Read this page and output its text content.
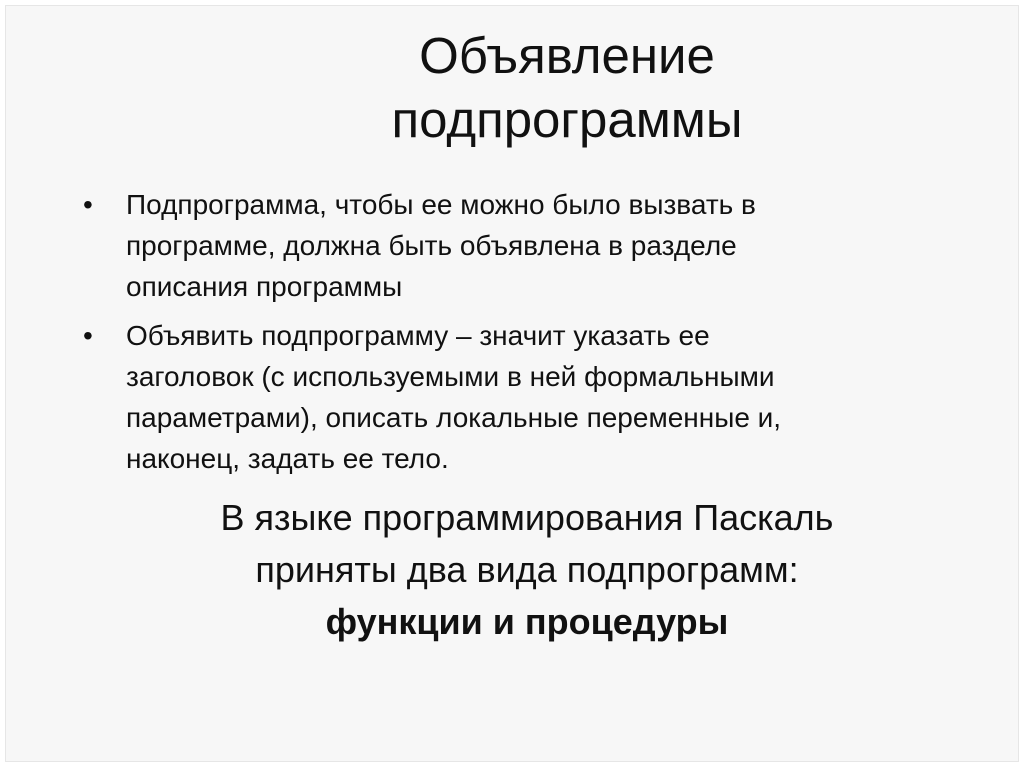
Объявление
подпрограммы
• Подпрограмма, чтобы ее можно было вызвать в
программе, должна быть объявлена в разделе
описания программы
• Объявить подпрограмму – значит указать ее
заголовок (с используемыми в ней формальными
параметрами), описать локальные переменные и,
наконец, задать ее тело.
В языке программирования Паскаль
приняты два вида подпрограмм:
функции и процедуры
